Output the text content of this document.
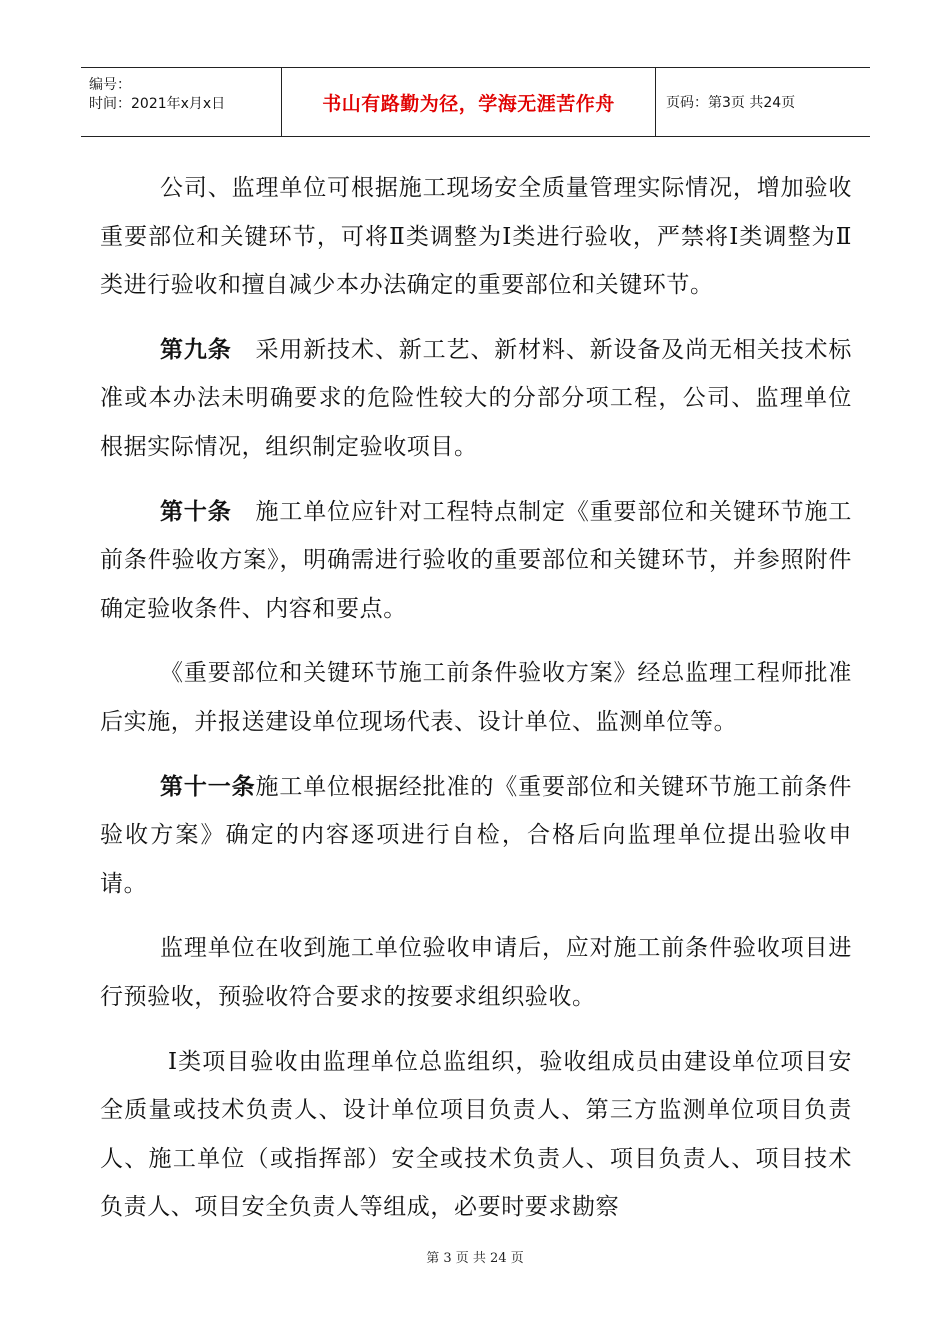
编号：
时间：2021年x月x日	书山有路勤为径，学海无涯苦作舟	页码：第3页 共24页

公司、监理单位可根据施工现场安全质量管理实际情况，增加验收重要部位和关键环节，可将Ⅱ类调整为Ⅰ类进行验收，严禁将Ⅰ类调整为Ⅱ类进行验收和擅自减少本办法确定的重要部位和关键环节。

第九条　采用新技术、新工艺、新材料、新设备及尚无相关技术标准或本办法未明确要求的危险性较大的分部分项工程，公司、监理单位根据实际情况，组织制定验收项目。

第十条　施工单位应针对工程特点制定《重要部位和关键环节施工前条件验收方案》，明确需进行验收的重要部位和关键环节，并参照附件确定验收条件、内容和要点。

《重要部位和关键环节施工前条件验收方案》经总监理工程师批准后实施，并报送建设单位现场代表、设计单位、监测单位等。

第十一条施工单位根据经批准的《重要部位和关键环节施工前条件验收方案》确定的内容逐项进行自检，合格后向监理单位提出验收申请。

监理单位在收到施工单位验收申请后，应对施工前条件验收项目进行预验收，预验收符合要求的按要求组织验收。

Ⅰ类项目验收由监理单位总监组织，验收组成员由建设单位项目安全质量或技术负责人、设计单位项目负责人、第三方监测单位项目负责人、施工单位（或指挥部）安全或技术负责人、项目负责人、项目技术负责人、项目安全负责人等组成，必要时要求勘察

第 3 页 共 24 页
